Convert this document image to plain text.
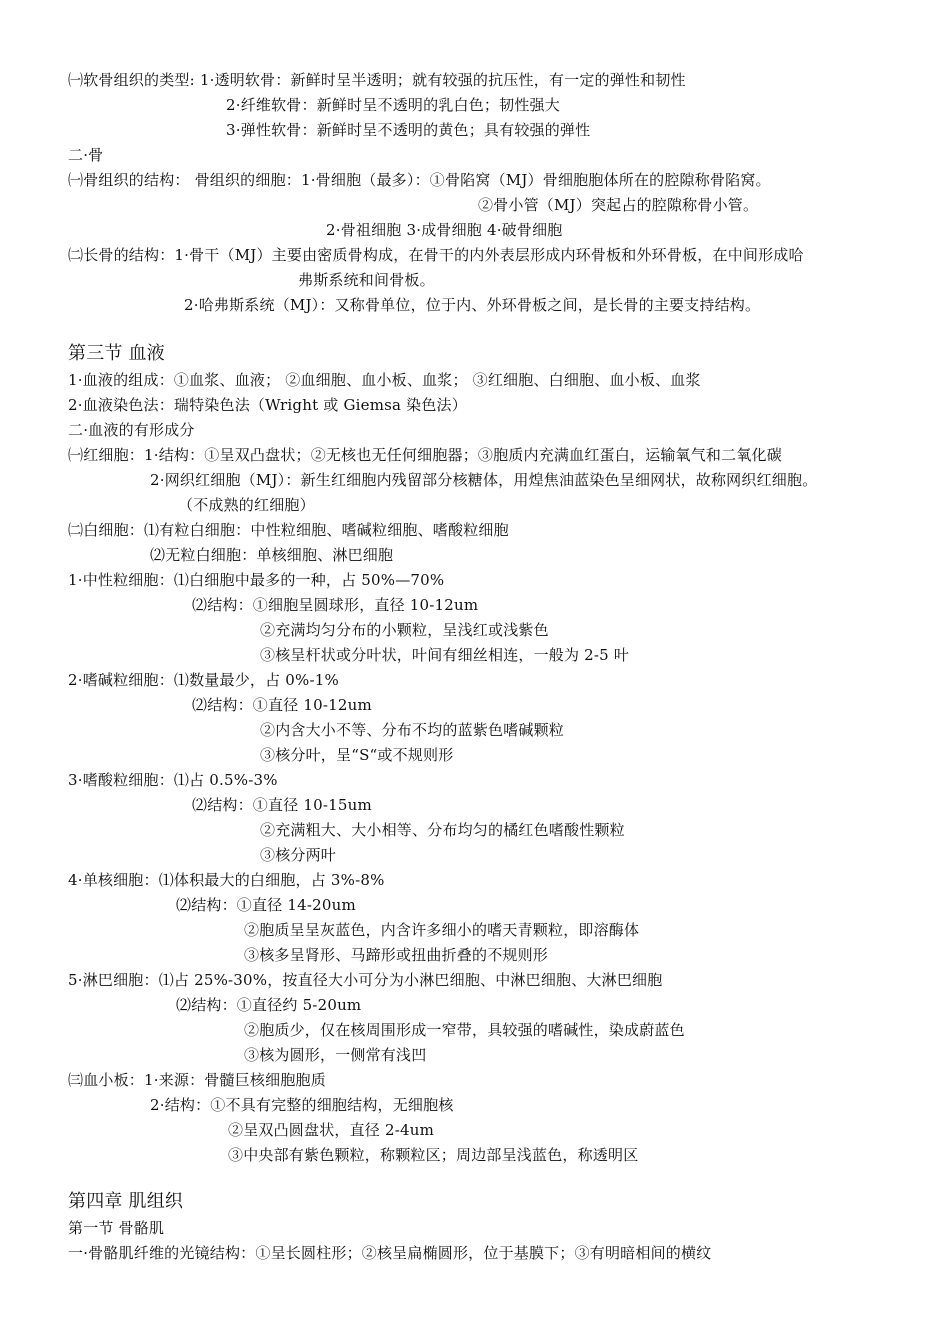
㈠软骨组织的类型: 1·透明软骨：新鲜时呈半透明；就有较强的抗压性，有一定的弹性和韧性
2·纤维软骨：新鲜时呈不透明的乳白色；韧性强大
3·弹性软骨：新鲜时呈不透明的黄色；具有较强的弹性
二·骨
㈠骨组织的结构： 骨组织的细胞：1·骨细胞（最多）：①骨陷窝（MJ）骨细胞胞体所在的腔隙称骨陷窝。
②骨小管（MJ）突起占的腔隙称骨小管。
2·骨祖细胞 3·成骨细胞 4·破骨细胞
㈡长骨的结构：1·骨干（MJ）主要由密质骨构成，在骨干的内外表层形成内环骨板和外环骨板，在中间形成哈
弗斯系统和间骨板。
2·哈弗斯系统（MJ）：又称骨单位，位于内、外环骨板之间，是长骨的主要支持结构。
第三节 血液
1·血液的组成：①血浆、血液； ②血细胞、血小板、血浆； ③红细胞、白细胞、血小板、血浆
2·血液染色法：瑞特染色法（Wright 或 Giemsa 染色法）
二·血液的有形成分
㈠红细胞：1·结构：①呈双凸盘状；②无核也无任何细胞器；③胞质内充满血红蛋白，运输氧气和二氧化碳
2·网织红细胞（MJ）：新生红细胞内残留部分核糖体，用煌焦油蓝染色呈细网状，故称网织红细胞。
（不成熟的红细胞）
㈡白细胞：⑴有粒白细胞：中性粒细胞、嗜碱粒细胞、嗜酸粒细胞
⑵无粒白细胞：单核细胞、淋巴细胞
1·中性粒细胞：⑴白细胞中最多的一种，占 50%—70%
⑵结构：①细胞呈圆球形，直径 10-12um
②充满均匀分布的小颗粒，呈浅红或浅紫色
③核呈杆状或分叶状，叶间有细丝相连，一般为 2-5 叶
2·嗜碱粒细胞：⑴数量最少，占 0%-1%
⑵结构：①直径 10-12um
②内含大小不等、分布不均的蓝紫色嗜碱颗粒
③核分叶，呈“S“或不规则形
3·嗜酸粒细胞：⑴占 0.5%-3%
⑵结构：①直径 10-15um
②充满粗大、大小相等、分布均匀的橘红色嗜酸性颗粒
③核分两叶
4·单核细胞：⑴体积最大的白细胞，占 3%-8%
⑵结构：①直径 14-20um
②胞质呈呈灰蓝色，内含许多细小的嗜天青颗粒，即溶酶体
③核多呈肾形、马蹄形或扭曲折叠的不规则形
5·淋巴细胞：⑴占 25%-30%，按直径大小可分为小淋巴细胞、中淋巴细胞、大淋巴细胞
⑵结构：①直径约 5-20um
②胞质少，仅在核周围形成一窄带，具较强的嗜碱性，染成蔚蓝色
③核为圆形，一侧常有浅凹
㈢血小板：1·来源：骨髓巨核细胞胞质
2·结构：①不具有完整的细胞结构，无细胞核
②呈双凸圆盘状，直径 2-4um
③中央部有紫色颗粒，称颗粒区；周边部呈浅蓝色，称透明区
第四章 肌组织
第一节 骨骼肌
一·骨骼肌纤维的光镜结构：①呈长圆柱形；②核呈扁椭圆形，位于基膜下；③有明暗相间的横纹
